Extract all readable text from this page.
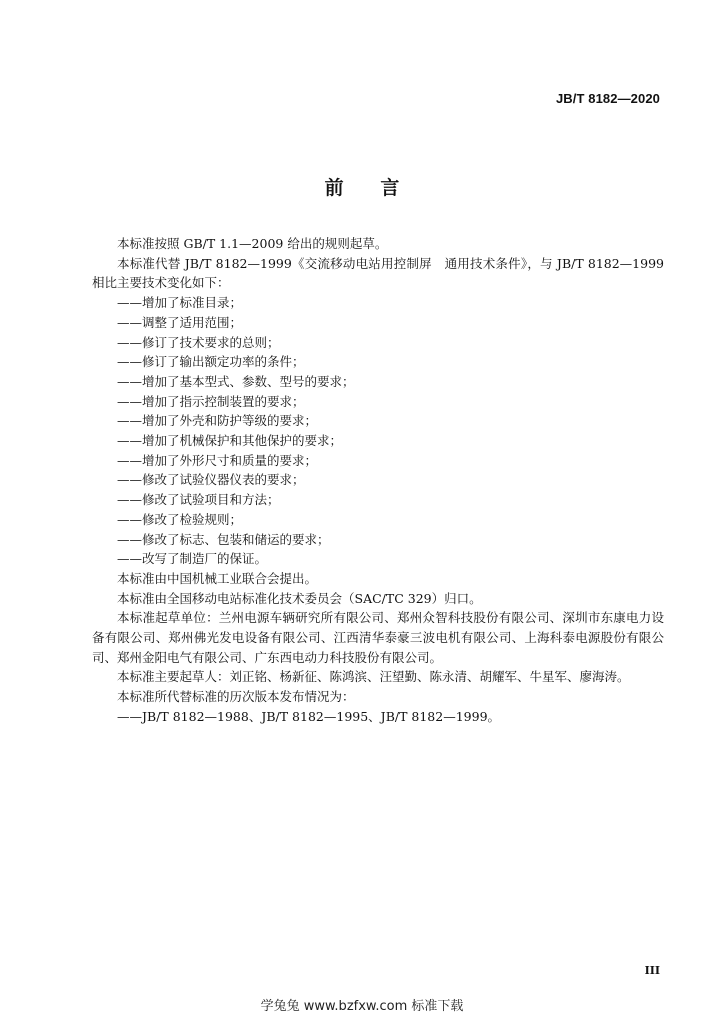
JB/T 8182—2020
前 言

本标准按照 GB/T 1.1—2009 给出的规则起草。

本标准代替 JB/T 8182—1999《交流移动电站用控制屏　通用技术条件》，与 JB/T 8182—1999 相比主要技术变化如下：

——增加了标准目录；

——调整了适用范围；

——修订了技术要求的总则；

——修订了输出额定功率的条件；

——增加了基本型式、参数、型号的要求；

——增加了指示控制装置的要求；

——增加了外壳和防护等级的要求；

——增加了机械保护和其他保护的要求；

——增加了外形尺寸和质量的要求；

——修改了试验仪器仪表的要求；

——修改了试验项目和方法；

——修改了检验规则；

——修改了标志、包装和储运的要求；

——改写了制造厂的保证。

本标准由中国机械工业联合会提出。

本标准由全国移动电站标准化技术委员会（SAC/TC 329）归口。

本标准起草单位：兰州电源车辆研究所有限公司、郑州众智科技股份有限公司、深圳市东康电力设备有限公司、郑州佛光发电设备有限公司、江西清华泰豪三波电机有限公司、上海科泰电源股份有限公司、郑州金阳电气有限公司、广东西电动力科技股份有限公司。

本标准主要起草人：刘正铭、杨新征、陈鸿滨、汪望勤、陈永清、胡耀军、牛星军、廖海涛。

本标准所代替标准的历次版本发布情况为：

——JB/T 8182—1988、JB/T 8182—1995、JB/T 8182—1999。

III
学兔兔 www.bzfxw.com 标准下载
